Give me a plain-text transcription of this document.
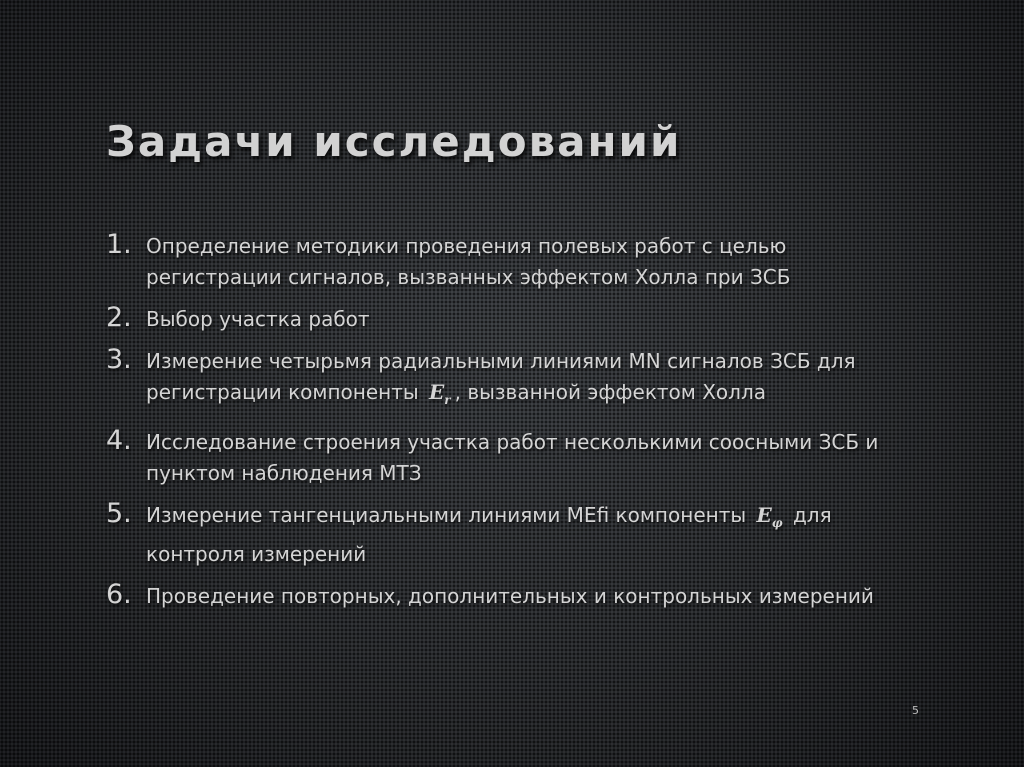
Задачи исследований
1. Определение методики проведения полевых работ с целью регистрации сигналов, вызванных эффектом Холла при ЗСБ
2. Выбор участка работ
3. Измерение четырьмя радиальными линиями MN сигналов ЗСБ для регистрации компоненты $E_r$ , вызванной эффектом Холла
4. Исследование строения участка работ несколькими соосными ЗСБ и пунктом наблюдения МТЗ
5. Измерение тангенциальными линиями MEfi компоненты $E_\varphi$ для контроля измерений
6. Проведение повторных, дополнительных и контрольных измерений
5
